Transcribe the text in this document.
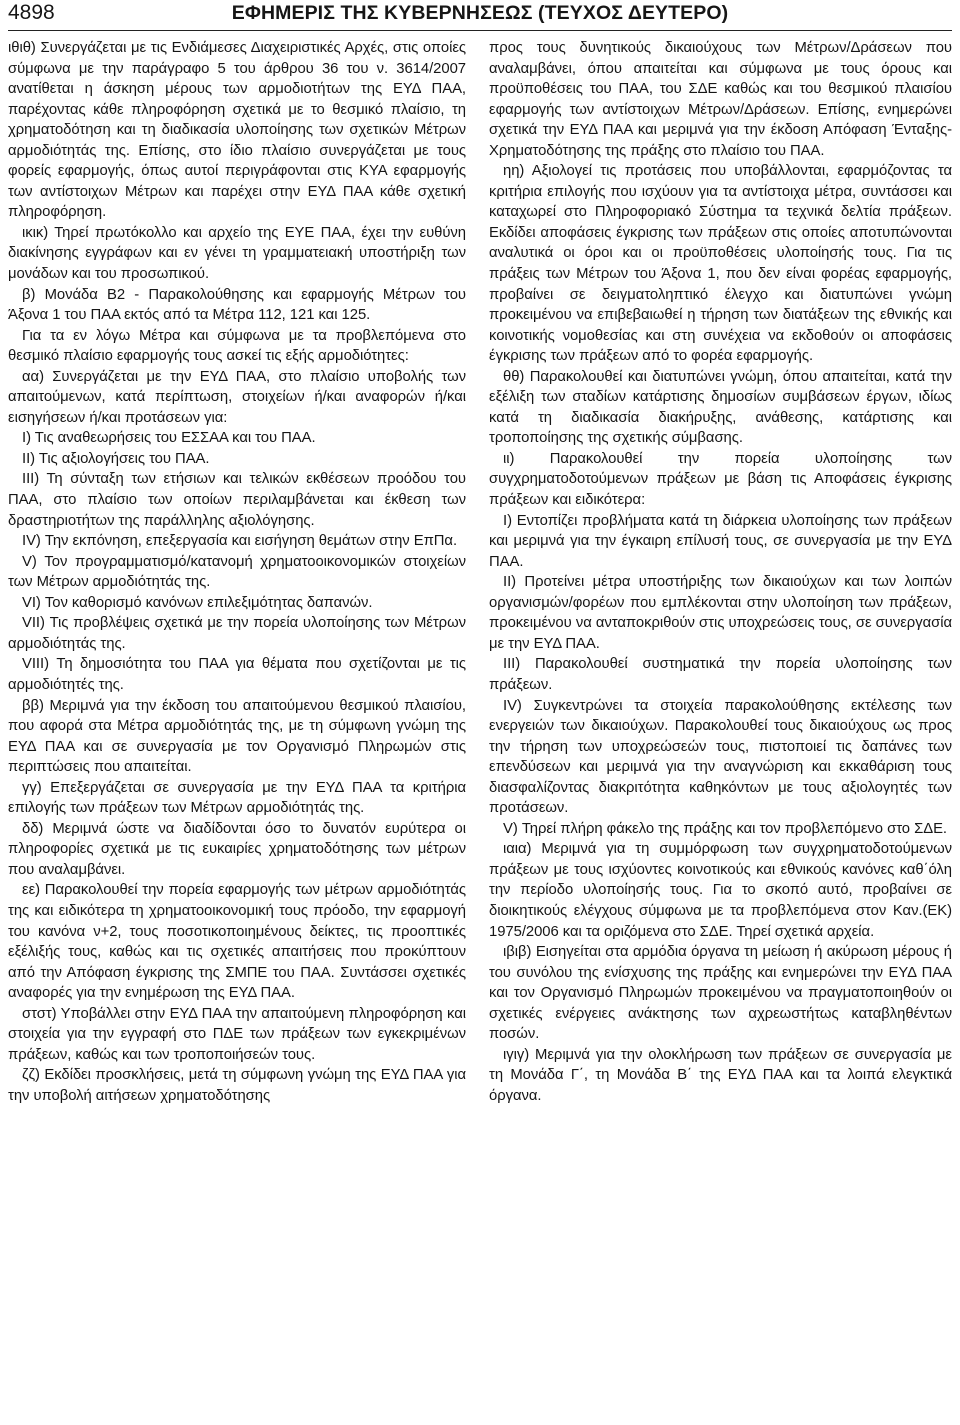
4898	ΕΦΗΜΕΡΙΣ ΤΗΣ ΚΥΒΕΡΝΗΣΕΩΣ (ΤΕΥΧΟΣ ΔΕΥΤΕΡΟ)

ιθιθ) Συνεργάζεται με τις Ενδιάμεσες Διαχειριστικές Αρχές, στις οποίες σύμφωνα με την παράγραφο 5 του άρθρου 36 του ν. 3614/2007 ανατίθεται η άσκηση μέρους των αρμοδιοτήτων της ΕΥΔ ΠΑΑ, παρέχοντας κάθε πληροφόρηση σχετικά με το θεσμικό πλαίσιο, τη χρηματοδότηση και τη διαδικασία υλοποίησης των σχετικών Μέτρων αρμοδιότητάς της. Επίσης, στο ίδιο πλαίσιο συνεργάζεται με τους φορείς εφαρμογής, όπως αυτοί περιγράφονται στις ΚΥΑ εφαρμογής των αντίστοιχων Μέτρων και παρέχει στην ΕΥΔ ΠΑΑ κάθε σχετική πληροφόρηση.

ικικ) Τηρεί πρωτόκολλο και αρχείο της ΕΥΕ ΠΑΑ, έχει την ευθύνη διακίνησης εγγράφων και εν γένει τη γραμματειακή υποστήριξη των μονάδων και του προσωπικού.

β) Μονάδα Β2 - Παρακολούθησης και εφαρμογής Μέτρων του Άξονα 1 του ΠΑΑ εκτός από τα Μέτρα 112, 121 και 125.

Για τα εν λόγω Μέτρα και σύμφωνα με τα προβλεπόμενα στο θεσμικό πλαίσιο εφαρμογής τους ασκεί τις εξής αρμοδιότητες:

αα) Συνεργάζεται με την ΕΥΔ ΠΑΑ, στο πλαίσιο υποβολής των απαιτούμενων, κατά περίπτωση, στοιχείων ή/και αναφορών ή/και εισηγήσεων ή/και προτάσεων για:

Ι) Τις αναθεωρήσεις του ΕΣΣΑΑ και του ΠΑΑ.

ΙΙ) Τις αξιολογήσεις του ΠΑΑ.

ΙΙΙ) Τη σύνταξη των ετήσιων και τελικών εκθέσεων προόδου του ΠΑΑ, στο πλαίσιο των οποίων περιλαμβάνεται και έκθεση των δραστηριοτήτων της παράλληλης αξιολόγησης.

ΙV) Την εκπόνηση, επεξεργασία και εισήγηση θεμάτων στην ΕπΠα.

V) Τον προγραμματισμό/κατανομή χρηματοοικονομικών στοιχείων των Μέτρων αρμοδιότητάς της.

VI) Τον καθορισμό κανόνων επιλεξιμότητας δαπανών.

VII) Τις προβλέψεις σχετικά με την πορεία υλοποίησης των Μέτρων αρμοδιότητάς της.

VIII) Τη δημοσιότητα του ΠΑΑ για θέματα που σχετίζονται με τις αρμοδιότητές της.

ββ) Μεριμνά για την έκδοση του απαιτούμενου θεσμικού πλαισίου, που αφορά στα Μέτρα αρμοδιότητάς της, με τη σύμφωνη γνώμη της ΕΥΔ ΠΑΑ και σε συνεργασία με τον Οργανισμό Πληρωμών στις περιπτώσεις που απαιτείται.

γγ) Επεξεργάζεται σε συνεργασία με την ΕΥΔ ΠΑΑ τα κριτήρια επιλογής των πράξεων των Μέτρων αρμοδιότητάς της.

δδ) Μεριμνά ώστε να διαδίδονται όσο το δυνατόν ευρύτερα οι πληροφορίες σχετικά με τις ευκαιρίες χρηματοδότησης των μέτρων που αναλαμβάνει.

εε) Παρακολουθεί την πορεία εφαρμογής των μέτρων αρμοδιότητάς της και ειδικότερα τη χρηματοοικονομική τους πρόοδο, την εφαρμογή του κανόνα ν+2, τους ποσοτικοποιημένους δείκτες, τις προοπτικές εξέλιξής τους, καθώς και τις σχετικές απαιτήσεις που προκύπτουν από την Απόφαση έγκρισης της ΣΜΠΕ του ΠΑΑ. Συντάσσει σχετικές αναφορές για την ενημέρωση της ΕΥΔ ΠΑΑ.

στστ) Υποβάλλει στην ΕΥΔ ΠΑΑ την απαιτούμενη πληροφόρηση και στοιχεία για την εγγραφή στο ΠΔΕ των πράξεων των εγκεκριμένων πράξεων, καθώς και των τροποποιήσεών τους.

ζζ) Εκδίδει προσκλήσεις, μετά τη σύμφωνη γνώμη της ΕΥΔ ΠΑΑ για την υποβολή αιτήσεων χρηματοδότησης

προς τους δυνητικούς δικαιούχους των Μέτρων/Δράσεων που αναλαμβάνει, όπου απαιτείται και σύμφωνα με τους όρους και προϋποθέσεις του ΠΑΑ, του ΣΔΕ καθώς και του θεσμικού πλαισίου εφαρμογής των αντίστοιχων Μέτρων/Δράσεων. Επίσης, ενημερώνει σχετικά την ΕΥΔ ΠΑΑ και μεριμνά για την έκδοση Απόφαση Ένταξης-Χρηματοδότησης της πράξης στο πλαίσιο του ΠΑΑ.

ηη) Αξιολογεί τις προτάσεις που υποβάλλονται, εφαρμόζοντας τα κριτήρια επιλογής που ισχύουν για τα αντίστοιχα μέτρα, συντάσσει και καταχωρεί στο Πληροφοριακό Σύστημα τα τεχνικά δελτία πράξεων. Εκδίδει αποφάσεις έγκρισης των πράξεων στις οποίες αποτυπώνονται αναλυτικά οι όροι και οι προϋποθέσεις υλοποίησής τους. Για τις πράξεις των Μέτρων του Άξονα 1, που δεν είναι φορέας εφαρμογής, προβαίνει σε δειγματοληπτικό έλεγχο και διατυπώνει γνώμη προκειμένου να επιβεβαιωθεί η τήρηση των διατάξεων της εθνικής και κοινοτικής νομοθεσίας και στη συνέχεια να εκδοθούν οι αποφάσεις έγκρισης των πράξεων από το φορέα εφαρμογής.

θθ) Παρακολουθεί και διατυπώνει γνώμη, όπου απαιτείται, κατά την εξέλιξη των σταδίων κατάρτισης δημοσίων συμβάσεων έργων, ιδίως κατά τη διαδικασία διακήρυξης, ανάθεσης, κατάρτισης και τροποποίησης της σχετικής σύμβασης.

ιι) Παρακολουθεί την πορεία υλοποίησης των συγχρηματοδοτούμενων πράξεων με βάση τις Αποφάσεις έγκρισης πράξεων και ειδικότερα:

Ι) Εντοπίζει προβλήματα κατά τη διάρκεια υλοποίησης των πράξεων και μεριμνά για την έγκαιρη επίλυσή τους, σε συνεργασία με την ΕΥΔ ΠΑΑ.

ΙΙ) Προτείνει μέτρα υποστήριξης των δικαιούχων και των λοιπών οργανισμών/φορέων που εμπλέκονται στην υλοποίηση των πράξεων, προκειμένου να ανταποκριθούν στις υποχρεώσεις τους, σε συνεργασία με την ΕΥΔ ΠΑΑ.

ΙΙΙ) Παρακολουθεί συστηματικά την πορεία υλοποίησης των πράξεων.

ΙV) Συγκεντρώνει τα στοιχεία παρακολούθησης εκτέλεσης των ενεργειών των δικαιούχων. Παρακολουθεί τους δικαιούχους ως προς την τήρηση των υποχρεώσεών τους, πιστοποιεί τις δαπάνες των επενδύσεων και μεριμνά για την αναγνώριση και εκκαθάριση τους διασφαλίζοντας διακριτότητα καθηκόντων με τους αξιολογητές των προτάσεων.

V) Τηρεί πλήρη φάκελο της πράξης και τον προβλεπόμενο στο ΣΔΕ.

ιαια) Μεριμνά για τη συμμόρφωση των συγχρηματοδοτούμενων πράξεων με τους ισχύοντες κοινοτικούς και εθνικούς κανόνες καθ΄όλη την περίοδο υλοποίησής τους. Για το σκοπό αυτό, προβαίνει σε διοικητικούς ελέγχους σύμφωνα με τα προβλεπόμενα στον Καν.(ΕΚ) 1975/2006 και τα οριζόμενα στο ΣΔΕ. Τηρεί σχετικά αρχεία.

ιβιβ) Εισηγείται στα αρμόδια όργανα τη μείωση ή ακύρωση μέρους ή του συνόλου της ενίσχυσης της πράξης και ενημερώνει την ΕΥΔ ΠΑΑ και τον Οργανισμό Πληρωμών προκειμένου να πραγματοποιηθούν οι σχετικές ενέργειες ανάκτησης των αχρεωστήτως καταβληθέντων ποσών.

ιγιγ) Μεριμνά για την ολοκλήρωση των πράξεων σε συνεργασία με τη Μονάδα Γ΄, τη Μονάδα Β΄ της ΕΥΔ ΠΑΑ και τα λοιπά ελεγκτικά όργανα.
